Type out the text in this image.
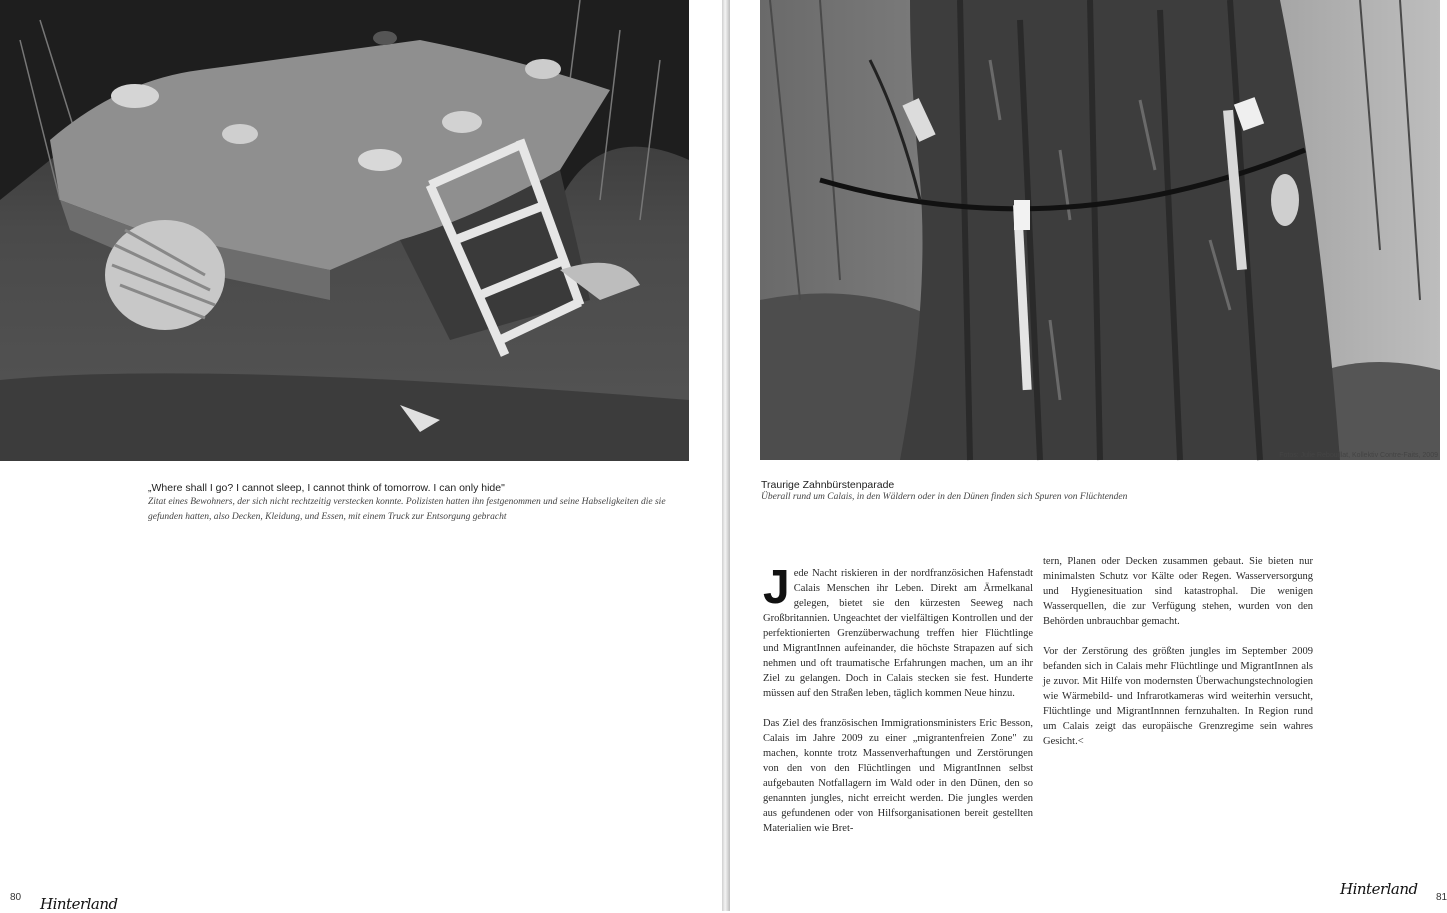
„Where shall I go? I cannot sleep, I cannot think of tomorrow. I can only hide"
Zitat eines Bewohners, der sich nicht rechtzeitig verstecken konnte. Polizisten hatten ihn festgenommen und seine Habseligkeiten die sie gefunden hatten, also Decken, Kleidung, und Essen, mit einem Truck zur Entsorgung gebracht
80 Hinterland
Fotos: Julie Rebouillat, Kollektiv Contre-Faits, 2009
Traurige Zahnbürstenparade
Überall rund um Calais, in den Wäldern oder in den Dünen finden sich Spuren von Flüchtenden

Jede Nacht riskieren in der nordfranzösichen Hafenstadt Calais Menschen ihr Leben. Direkt am Ärmelkanal gelegen, bietet sie den kürzesten Seeweg nach Großbritannien. Ungeachtet der vielfältigen Kontrollen und der perfektionierten Grenzüberwachung treffen hier Flüchtlinge und MigrantInnen aufeinander, die höchste Strapazen auf sich nehmen und oft traumatische Erfahrungen machen, um an ihr Ziel zu gelangen. Doch in Calais stecken sie fest. Hunderte müssen auf den Straßen leben, täglich kommen Neue hinzu.

Das Ziel des französischen Immigrationsministers Eric Besson, Calais im Jahre 2009 zu einer „migrantenfreien Zone" zu machen, konnte trotz Massenverhaftungen und Zerstörungen von den von den Flüchtlingen und MigrantInnen selbst aufgebauten Notfallagern im Wald oder in den Dünen, den so genannten jungles, nicht erreicht werden. Die jungles werden aus gefundenen oder von Hilfsorganisationen bereit gestellten Materialien wie Bret-

tern, Planen oder Decken zusammen gebaut. Sie bieten nur minimalsten Schutz vor Kälte oder Regen. Wasserversorgung und Hygienesituation sind katastrophal. Die wenigen Wasserquellen, die zur Verfügung stehen, wurden von den Behörden unbrauchbar gemacht.

Vor der Zerstörung des größten jungles im September 2009 befanden sich in Calais mehr Flüchtlinge und MigrantInnen als je zuvor. Mit Hilfe von modernsten Überwachungstechnologien wie Wärmebild- und Infrarotkameras wird weiterhin versucht, Flüchtlinge und MigrantInnnen fernzuhalten. In Region rund um Calais zeigt das europäische Grenzregime sein wahres Gesicht.<

Hinterland 81
